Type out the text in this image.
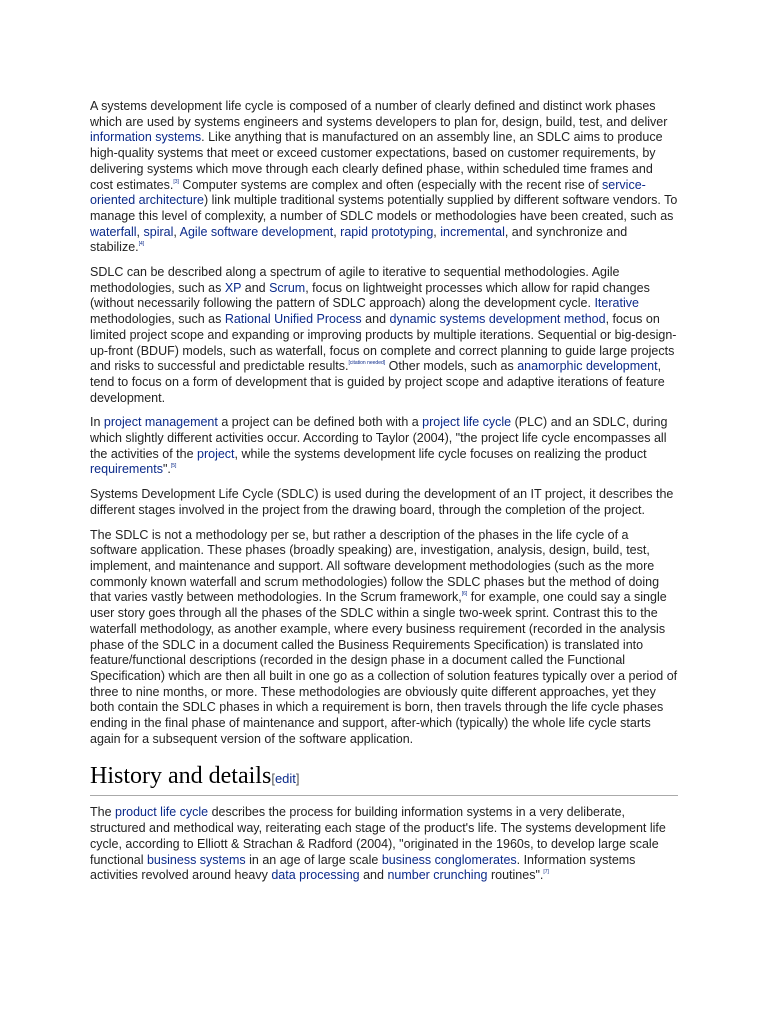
A systems development life cycle is composed of a number of clearly defined and distinct work phases which are used by systems engineers and systems developers to plan for, design, build, test, and deliver information systems. Like anything that is manufactured on an assembly line, an SDLC aims to produce high-quality systems that meet or exceed customer expectations, based on customer requirements, by delivering systems which move through each clearly defined phase, within scheduled time frames and cost estimates.[3] Computer systems are complex and often (especially with the recent rise of service-oriented architecture) link multiple traditional systems potentially supplied by different software vendors. To manage this level of complexity, a number of SDLC models or methodologies have been created, such as waterfall, spiral, Agile software development, rapid prototyping, incremental, and synchronize and stabilize.[4]

SDLC can be described along a spectrum of agile to iterative to sequential methodologies. Agile methodologies, such as XP and Scrum, focus on lightweight processes which allow for rapid changes (without necessarily following the pattern of SDLC approach) along the development cycle. Iterative methodologies, such as Rational Unified Process and dynamic systems development method, focus on limited project scope and expanding or improving products by multiple iterations. Sequential or big-design-up-front (BDUF) models, such as waterfall, focus on complete and correct planning to guide large projects and risks to successful and predictable results.[citation needed] Other models, such as anamorphic development, tend to focus on a form of development that is guided by project scope and adaptive iterations of feature development.

In project management a project can be defined both with a project life cycle (PLC) and an SDLC, during which slightly different activities occur. According to Taylor (2004), "the project life cycle encompasses all the activities of the project, while the systems development life cycle focuses on realizing the product requirements".[5]

Systems Development Life Cycle (SDLC) is used during the development of an IT project, it describes the different stages involved in the project from the drawing board, through the completion of the project.

The SDLC is not a methodology per se, but rather a description of the phases in the life cycle of a software application. These phases (broadly speaking) are, investigation, analysis, design, build, test, implement, and maintenance and support. All software development methodologies (such as the more commonly known waterfall and scrum methodologies) follow the SDLC phases but the method of doing that varies vastly between methodologies. In the Scrum framework,[6] for example, one could say a single user story goes through all the phases of the SDLC within a single two-week sprint. Contrast this to the waterfall methodology, as another example, where every business requirement (recorded in the analysis phase of the SDLC in a document called the Business Requirements Specification) is translated into feature/functional descriptions (recorded in the design phase in a document called the Functional Specification) which are then all built in one go as a collection of solution features typically over a period of three to nine months, or more. These methodologies are obviously quite different approaches, yet they both contain the SDLC phases in which a requirement is born, then travels through the life cycle phases ending in the final phase of maintenance and support, after-which (typically) the whole life cycle starts again for a subsequent version of the software application.

History and details[edit]

The product life cycle describes the process for building information systems in a very deliberate, structured and methodical way, reiterating each stage of the product's life. The systems development life cycle, according to Elliott & Strachan & Radford (2004), "originated in the 1960s, to develop large scale functional business systems in an age of large scale business conglomerates. Information systems activities revolved around heavy data processing and number crunching routines".[7]
